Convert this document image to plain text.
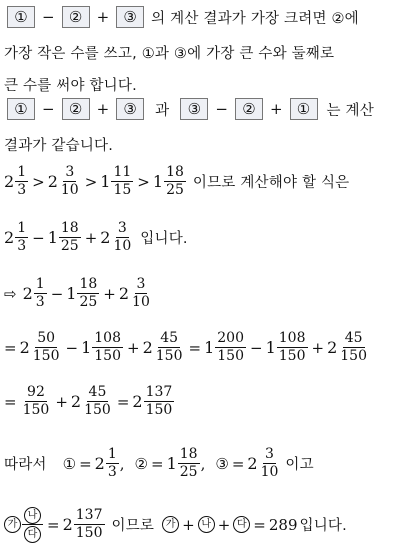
① − ② + ③ 의 계산 결과가 가장 크려면 ②에
가장 작은 수를 쓰고, ①과 ③에 가장 큰 수와 둘째로
큰 수를 써야 합니다.
① − ② + ③	과	③ − ② + ①	는 계산
결과가 같습니다.
$2 \frac{1}{3} > 2 \frac{3}{10} > 1 \frac{11}{15} > 1 \frac{18}{25}$ 이므로 계산해야 할 식은
$2 \frac{1}{3} - 1 \frac{18}{25} + 2 \frac{3}{10}$ 입니다.
⇨ $2 \frac{1}{3} - 1 \frac{18}{25} + 2 \frac{3}{10}$
= $2 \frac{50}{150} - 1 \frac{108}{150} + 2 \frac{45}{150} = 1 \frac{200}{150} - 1 \frac{108}{150} + 2 \frac{45}{150}$
= $\frac{92}{150} + 2 \frac{45}{150} = 2 \frac{137}{150}$
따라서 ① = $2 \frac{1}{3}$ , ② = $1 \frac{18}{25}$ , ③ = $2 \frac{3}{10}$ 이고
가 $\frac{\text{나}}{\text{다}} = 2 \frac{137}{150}$ 이므로	가 + 나 + 다 = 289 입니다.
